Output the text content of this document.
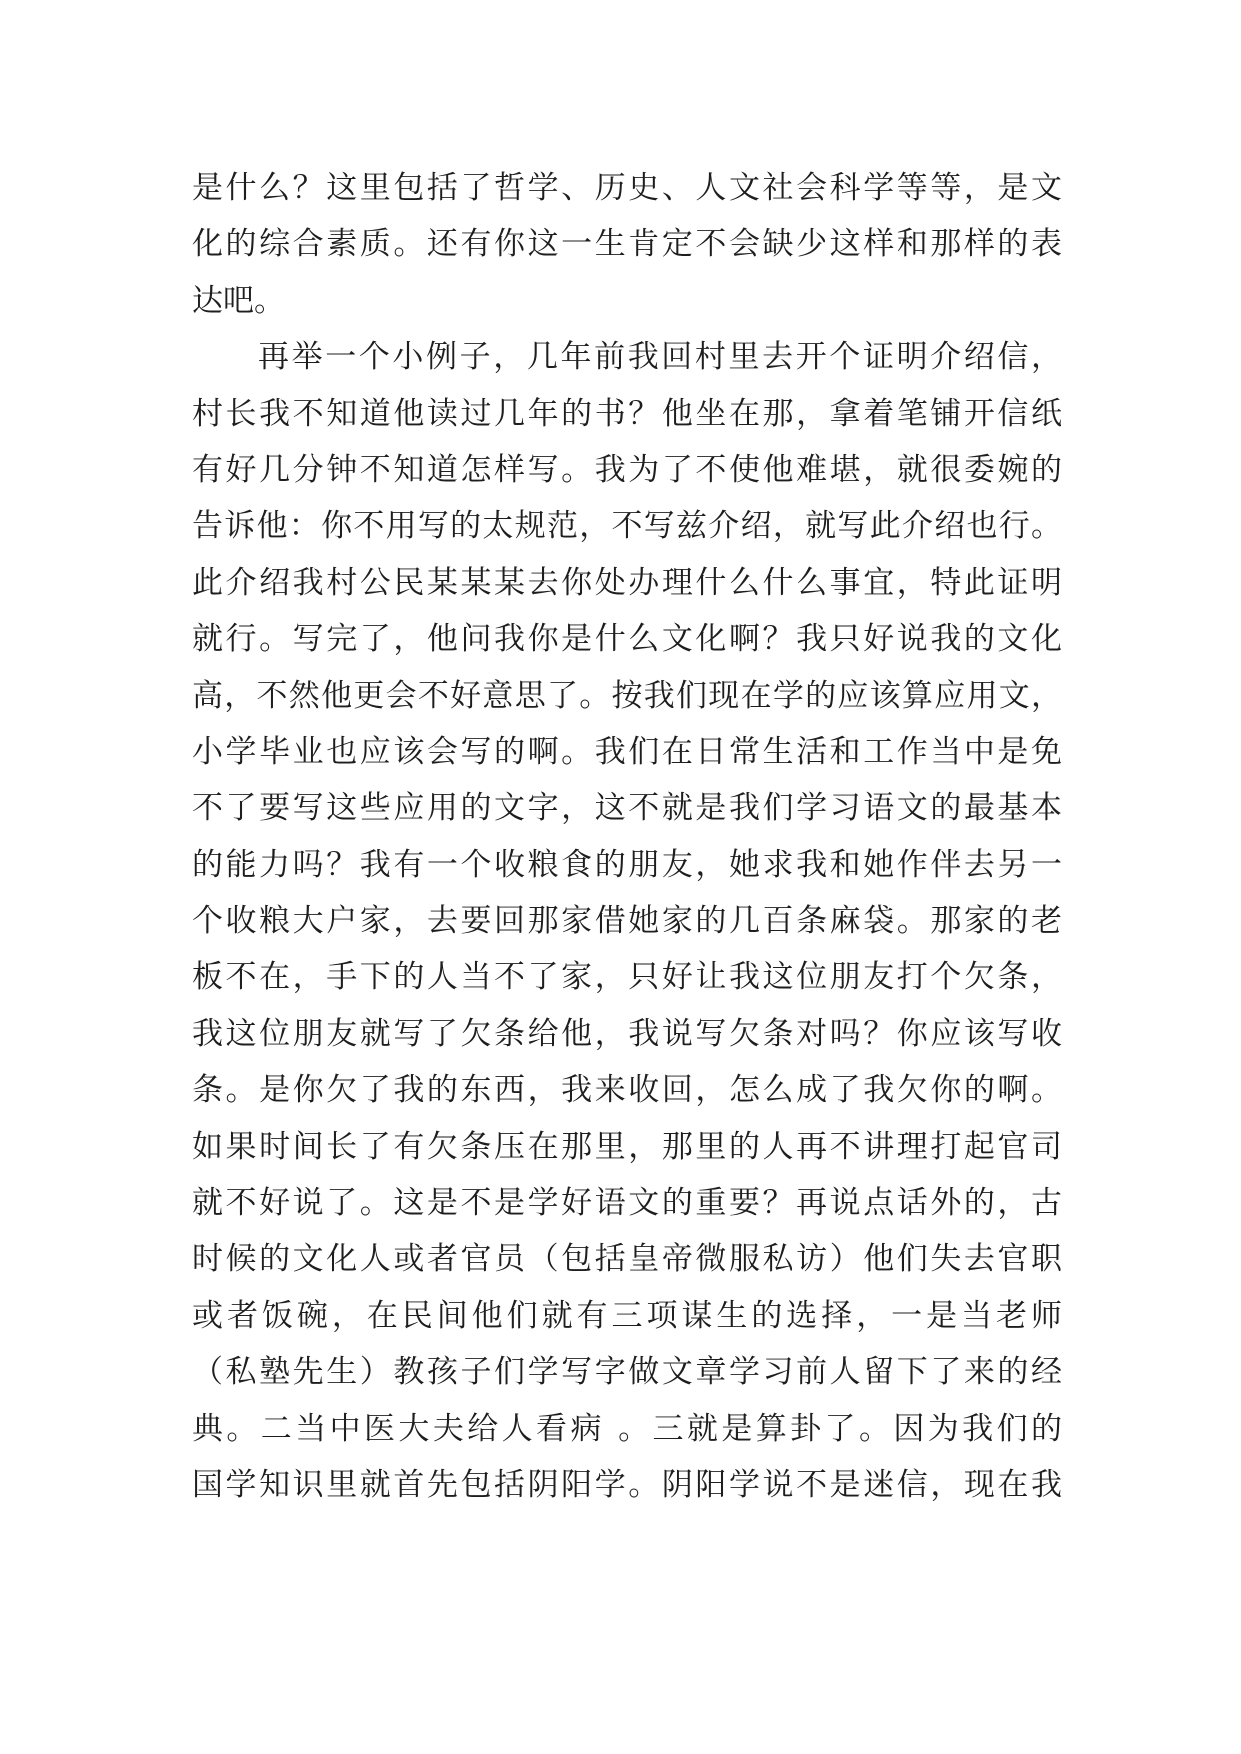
是什么？这里包括了哲学、历史、人文社会科学等等，是文
化的综合素质。还有你这一生肯定不会缺少这样和那样的表
达吧。
再举一个小例子，几年前我回村里去开个证明介绍信，
村长我不知道他读过几年的书？他坐在那，拿着笔铺开信纸
有好几分钟不知道怎样写。我为了不使他难堪，就很委婉的
告诉他：你不用写的太规范，不写兹介绍，就写此介绍也行。
此介绍我村公民某某某去你处办理什么什么事宜，特此证明
就行。写完了，他问我你是什么文化啊？我只好说我的文化
高，不然他更会不好意思了。按我们现在学的应该算应用文，
小学毕业也应该会写的啊。我们在日常生活和工作当中是免
不了要写这些应用的文字，这不就是我们学习语文的最基本
的能力吗？我有一个收粮食的朋友，她求我和她作伴去另一
个收粮大户家，去要回那家借她家的几百条麻袋。那家的老
板不在，手下的人当不了家，只好让我这位朋友打个欠条，
我这位朋友就写了欠条给他，我说写欠条对吗？你应该写收
条。是你欠了我的东西，我来收回，怎么成了我欠你的啊。
如果时间长了有欠条压在那里，那里的人再不讲理打起官司
就不好说了。这是不是学好语文的重要？再说点话外的，古
时候的文化人或者官员（包括皇帝微服私访）他们失去官职
或者饭碗，在民间他们就有三项谋生的选择，一是当老师
（私塾先生）教孩子们学写字做文章学习前人留下了来的经
典。二当中医大夫给人看病 。三就是算卦了。因为我们的
国学知识里就首先包括阴阳学。阴阳学说不是迷信，现在我
